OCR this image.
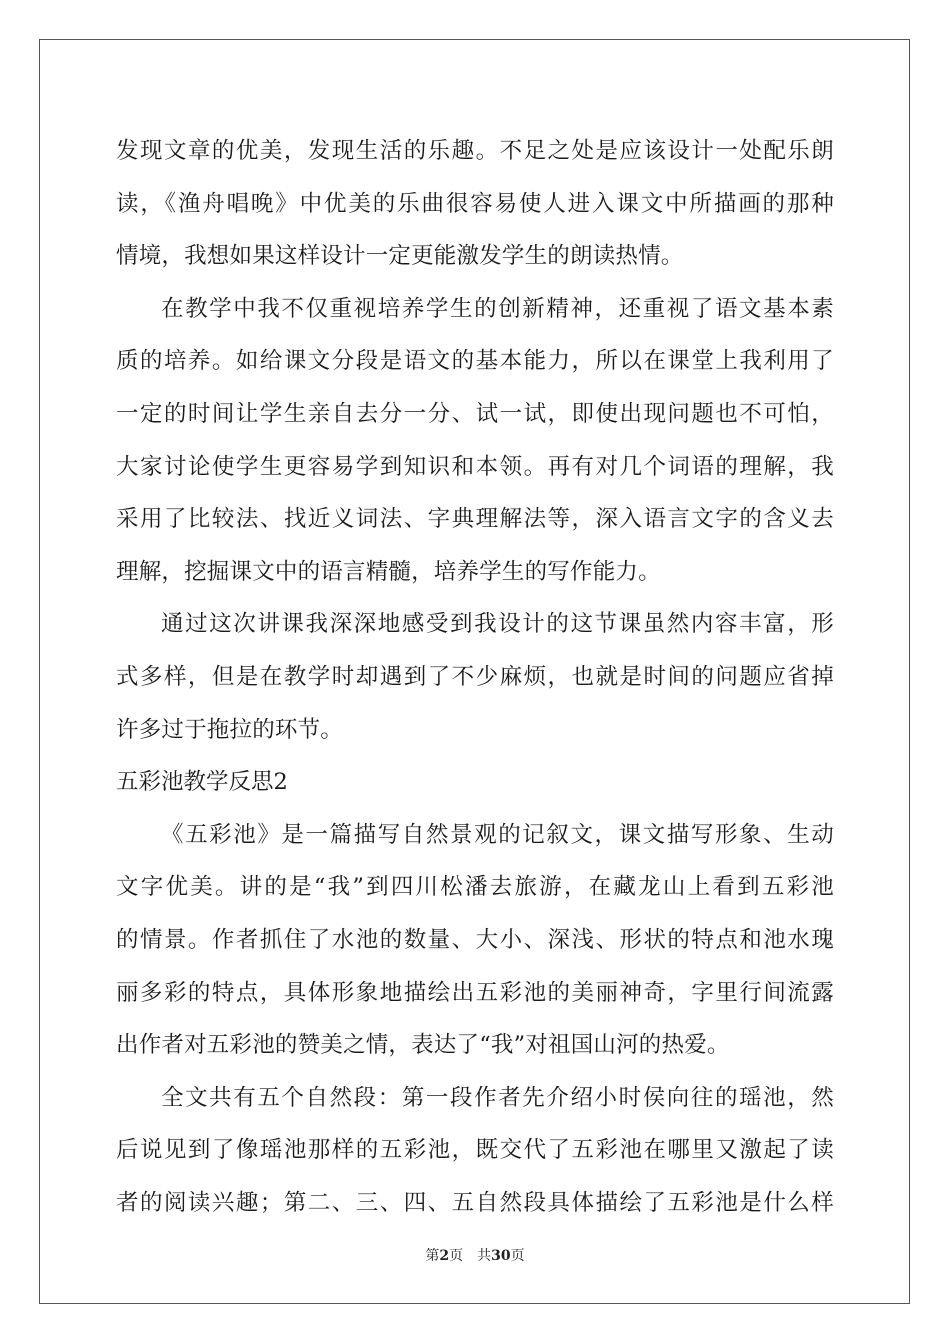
发现文章的优美，发现生活的乐趣。不足之处是应该设计一处配乐朗
读，《渔舟唱晚》中优美的乐曲很容易使人进入课文中所描画的那种
情境，我想如果这样设计一定更能激发学生的朗读热情。
在教学中我不仅重视培养学生的创新精神，还重视了语文基本素
质的培养。如给课文分段是语文的基本能力，所以在课堂上我利用了
一定的时间让学生亲自去分一分、试一试，即使出现问题也不可怕，
大家讨论使学生更容易学到知识和本领。再有对几个词语的理解，我
采用了比较法、找近义词法、字典理解法等，深入语言文字的含义去
理解，挖掘课文中的语言精髓，培养学生的写作能力。
通过这次讲课我深深地感受到我设计的这节课虽然内容丰富，形
式多样，但是在教学时却遇到了不少麻烦，也就是时间的问题应省掉
许多过于拖拉的环节。
五彩池教学反思2
《五彩池》是一篇描写自然景观的记叙文，课文描写形象、生动
文字优美。讲的是“我”到四川松潘去旅游，在藏龙山上看到五彩池
的情景。作者抓住了水池的数量、大小、深浅、形状的特点和池水瑰
丽多彩的特点，具体形象地描绘出五彩池的美丽神奇，字里行间流露
出作者对五彩池的赞美之情，表达了“我”对祖国山河的热爱。
全文共有五个自然段：第一段作者先介绍小时侯向往的瑶池，然
后说见到了像瑶池那样的五彩池，既交代了五彩池在哪里又激起了读
者的阅读兴趣；第二、三、四、五自然段具体描绘了五彩池是什么样
第2页 共30页
